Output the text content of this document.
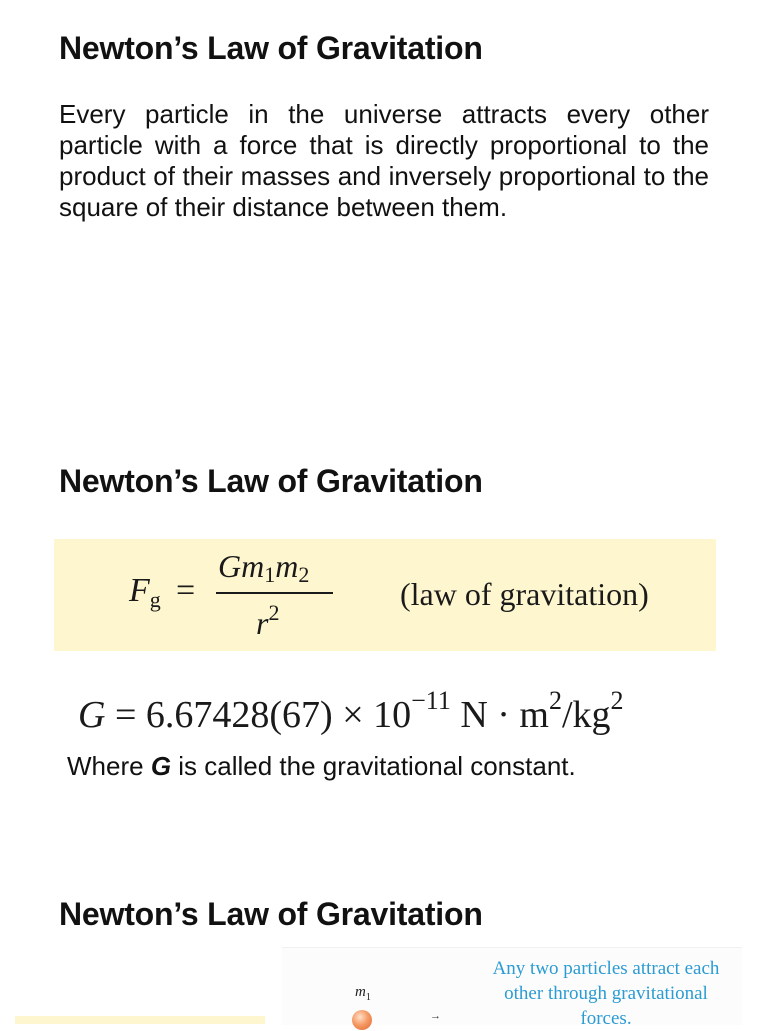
Newton’s Law of Gravitation

Every particle in the universe attracts every other particle with a force that is directly proportional to the product of their masses and inversely proportional to the square of their distance between them.

Newton’s Law of Gravitation
$F_g$ =
$Gm_1m_2$
$r^2$
(law of gravitation)
$G = 6.67428(67) \times 10^{-11}$ $N \cdot m^2/kg^2$
Where G is called the gravitational constant.
Newton’s Law of Gravitation
Any two particles attract each other through gravitational forces.
$m_1$
→
